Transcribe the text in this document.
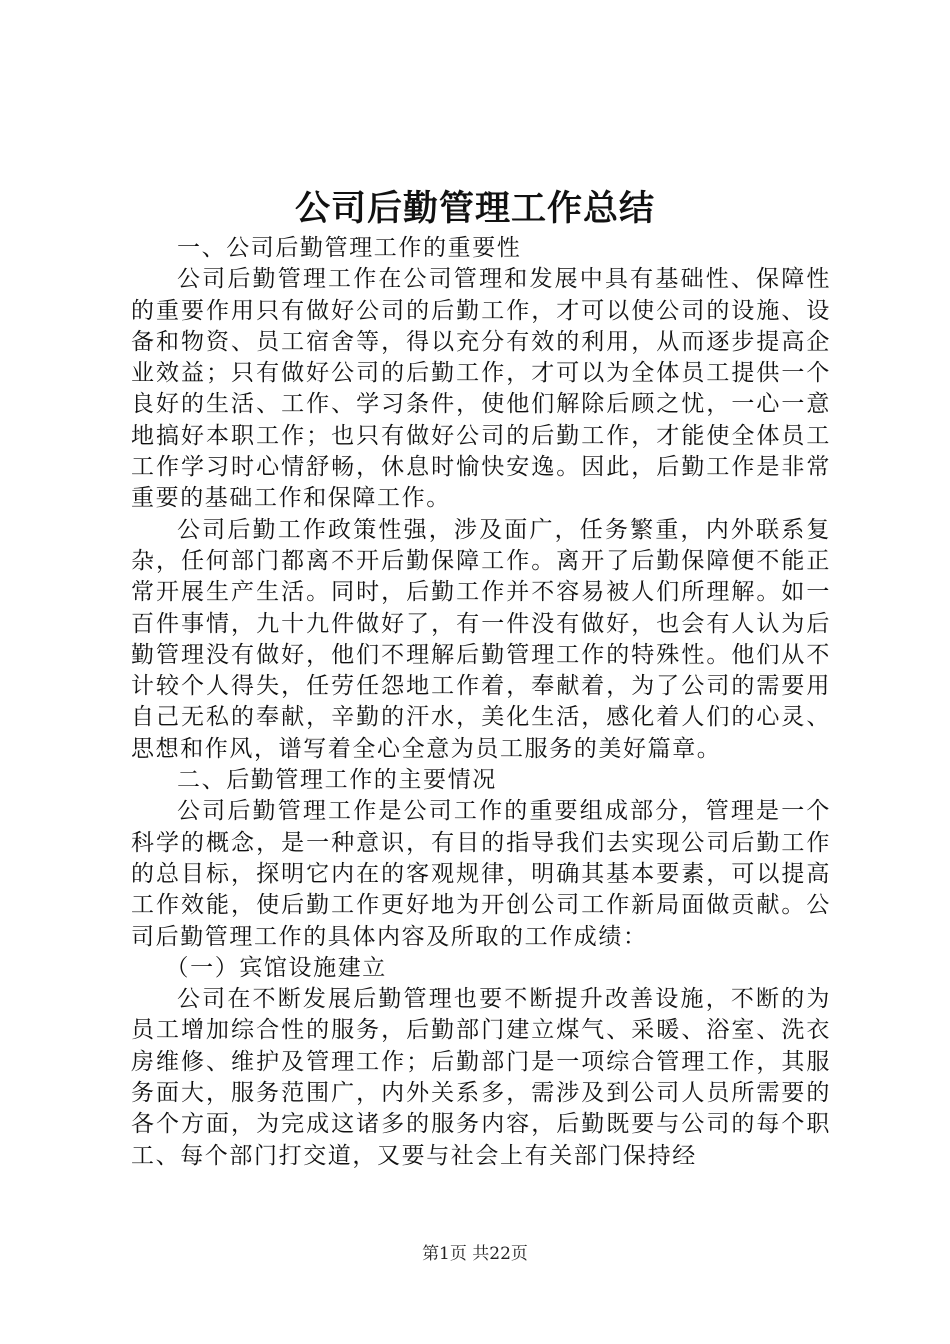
公司后勤管理工作总结

一、公司后勤管理工作的重要性

公司后勤管理工作在公司管理和发展中具有基础性、保障性的重要作用只有做好公司的后勤工作，才可以使公司的设施、设备和物资、员工宿舍等，得以充分有效的利用，从而逐步提高企业效益；只有做好公司的后勤工作，才可以为全体员工提供一个良好的生活、工作、学习条件，使他们解除后顾之忧，一心一意地搞好本职工作；也只有做好公司的后勤工作，才能使全体员工工作学习时心情舒畅，休息时愉快安逸。因此，后勤工作是非常重要的基础工作和保障工作。

公司后勤工作政策性强，涉及面广，任务繁重，内外联系复杂，任何部门都离不开后勤保障工作。离开了后勤保障便不能正常开展生产生活。同时，后勤工作并不容易被人们所理解。如一百件事情，九十九件做好了，有一件没有做好，也会有人认为后勤管理没有做好，他们不理解后勤管理工作的特殊性。他们从不计较个人得失，任劳任怨地工作着，奉献着，为了公司的需要用自己无私的奉献，辛勤的汗水，美化生活，感化着人们的心灵、思想和作风，谱写着全心全意为员工服务的美好篇章。

二、后勤管理工作的主要情况

公司后勤管理工作是公司工作的重要组成部分，管理是一个科学的概念，是一种意识，有目的指导我们去实现公司后勤工作的总目标，探明它内在的客观规律，明确其基本要素，可以提高工作效能，使后勤工作更好地为开创公司工作新局面做贡献。公司后勤管理工作的具体内容及所取的工作成绩：

（一）宾馆设施建立

公司在不断发展后勤管理也要不断提升改善设施，不断的为员工增加综合性的服务，后勤部门建立煤气、采暖、浴室、洗衣房维修、维护及管理工作；后勤部门是一项综合管理工作，其服务面大，服务范围广，内外关系多，需涉及到公司人员所需要的各个方面，为完成这诸多的服务内容，后勤既要与公司的每个职工、每个部门打交道，又要与社会上有关部门保持经

第1页 共22页
